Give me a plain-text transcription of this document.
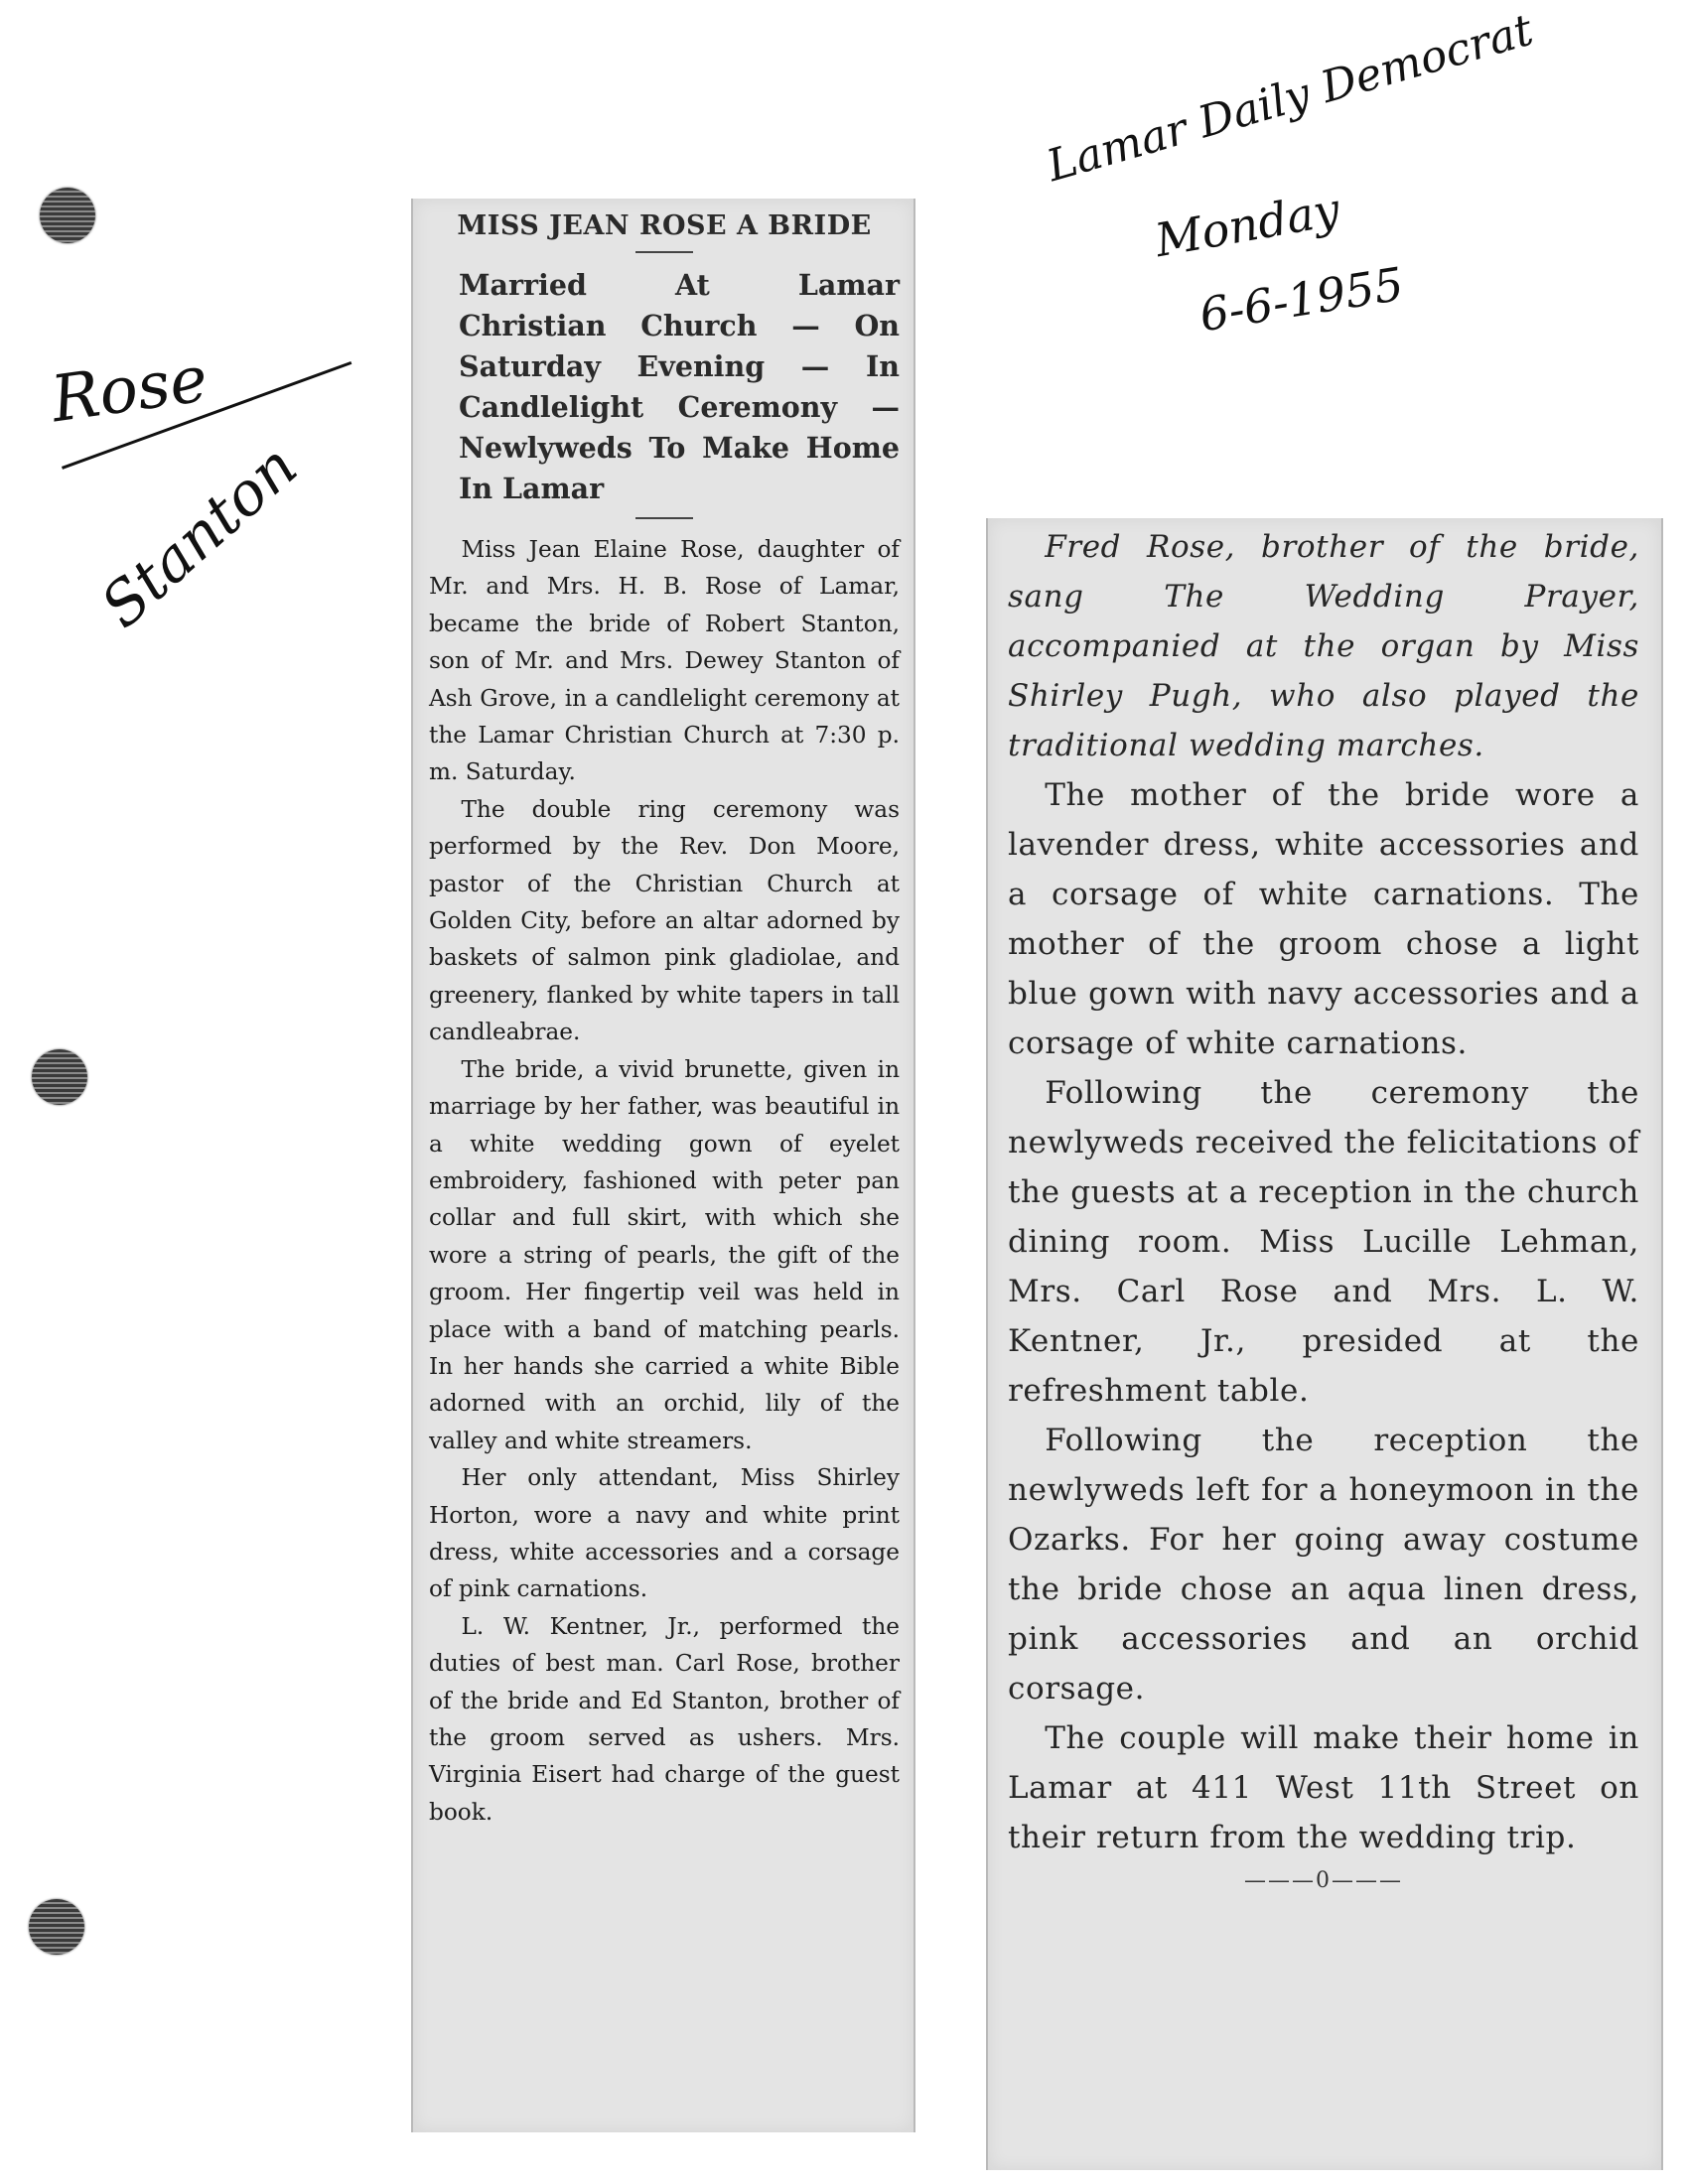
Lamar Daily Democrat

Monday

6-6-1955

Rose

Stanton

MISS JEAN ROSE A BRIDE

Married At Lamar Christian Church — On Saturday Evening — In Candlelight Ceremony — Newlyweds To Make Home In Lamar

Miss Jean Elaine Rose, daughter of Mr. and Mrs. H. B. Rose of Lamar, became the bride of Robert Stanton, son of Mr. and Mrs. Dewey Stanton of Ash Grove, in a candlelight ceremony at the Lamar Christian Church at 7:30 p. m. Saturday.

The double ring ceremony was performed by the Rev. Don Moore, pastor of the Christian Church at Golden City, before an altar adorned by baskets of salmon pink gladiolae, and greenery, flanked by white tapers in tall candleabrae.

The bride, a vivid brunette, given in marriage by her father, was beautiful in a white wedding gown of eyelet embroidery, fashioned with peter pan collar and full skirt, with which she wore a string of pearls, the gift of the groom. Her fingertip veil was held in place with a band of matching pearls. In her hands she carried a white Bible adorned with an orchid, lily of the valley and white streamers.

Her only attendant, Miss Shirley Horton, wore a navy and white print dress, white accessories and a corsage of pink carnations.

L. W. Kentner, Jr., performed the duties of best man. Carl Rose, brother of the bride and Ed Stanton, brother of the groom served as ushers. Mrs. Virginia Eisert had charge of the guest book.

Fred Rose, brother of the bride, sang The Wedding Prayer, accompanied at the organ by Miss Shirley Pugh, who also played the traditional wedding marches.

The mother of the bride wore a lavender dress, white accessories and a corsage of white carnations. The mother of the groom chose a light blue gown with navy accessories and a corsage of white carnations.

Following the ceremony the newlyweds received the felicitations of the guests at a reception in the church dining room. Miss Lucille Lehman, Mrs. Carl Rose and Mrs. L. W. Kentner, Jr., presided at the refreshment table.

Following the reception the newlyweds left for a honeymoon in the Ozarks. For her going away costume the bride chose an aqua linen dress, pink accessories and an orchid corsage.

The couple will make their home in Lamar at 411 West 11th Street on their return from the wedding trip.

———0———
